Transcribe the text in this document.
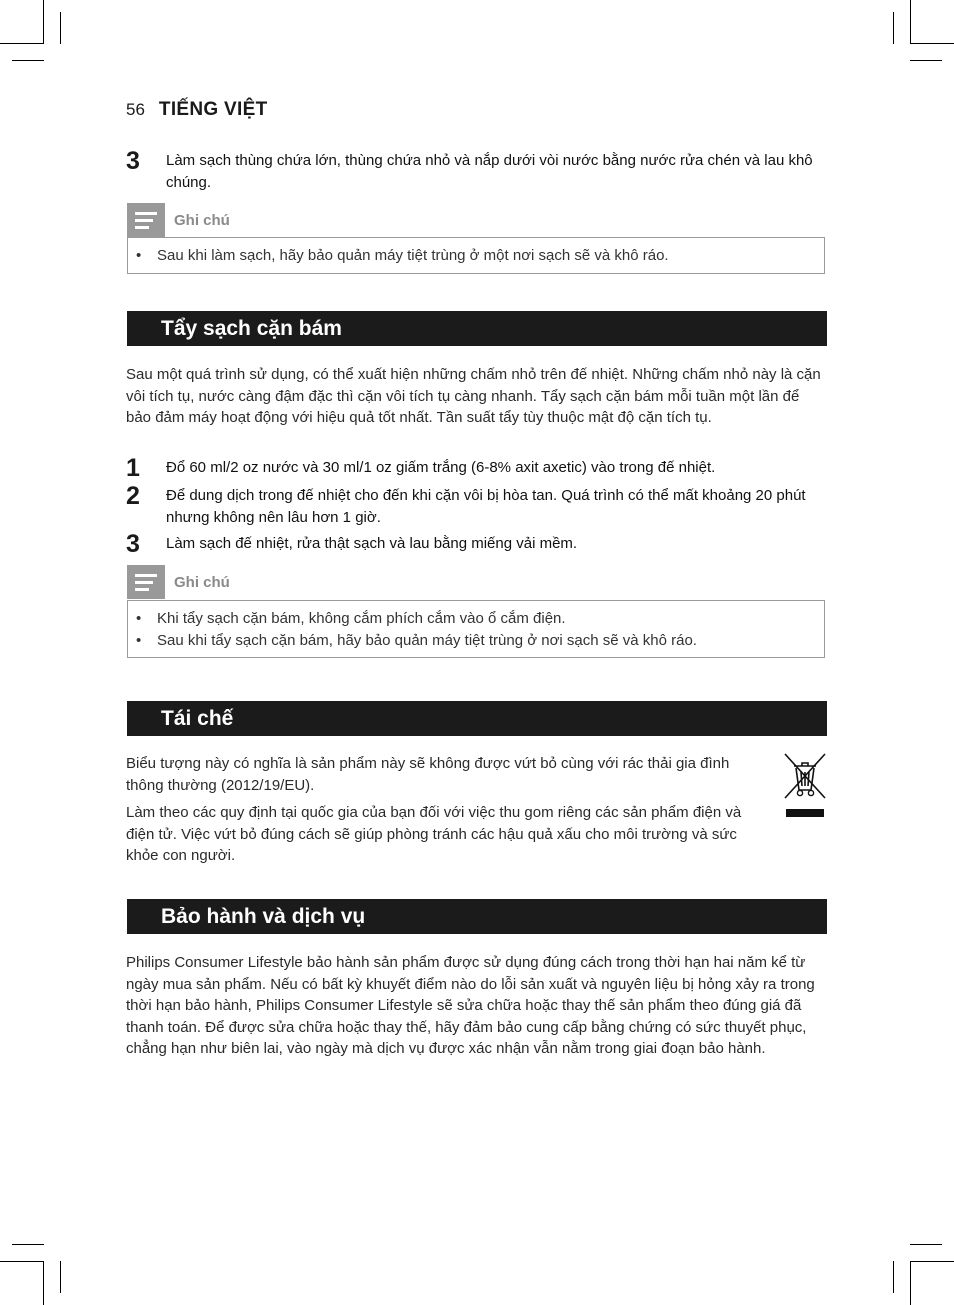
56 TIẾNG VIỆT
3	Làm sạch thùng chứa lớn, thùng chứa nhỏ và nắp dưới vòi nước bằng nước rửa chén và lau khô chúng.
Ghi chú
• Sau khi làm sạch, hãy bảo quản máy tiệt trùng ở một nơi sạch sẽ và khô ráo.
Tẩy sạch cặn bám
Sau một quá trình sử dụng, có thể xuất hiện những chấm nhỏ trên đế nhiệt. Những chấm nhỏ này là cặn vôi tích tụ, nước càng đậm đặc thì cặn vôi tích tụ càng nhanh. Tẩy sạch cặn bám mỗi tuần một lần để bảo đảm máy hoạt động với hiệu quả tốt nhất. Tần suất tẩy tùy thuộc mật độ cặn tích tụ.
1	Đổ 60 ml/2 oz nước và 30 ml/1 oz giấm trắng (6-8% axit axetic) vào trong đế nhiệt.
2	Để dung dịch trong đế nhiệt cho đến khi cặn vôi bị hòa tan. Quá trình có thể mất khoảng 20 phút nhưng không nên lâu hơn 1 giờ.
3	Làm sạch đế nhiệt, rửa thật sạch và lau bằng miếng vải mềm.
Ghi chú
• Khi tẩy sạch cặn bám, không cắm phích cắm vào ổ cắm điện.
• Sau khi tẩy sạch cặn bám, hãy bảo quản máy tiệt trùng ở nơi sạch sẽ và khô ráo.
Tái chế
Biểu tượng này có nghĩa là sản phẩm này sẽ không được vứt bỏ cùng với rác thải gia đình thông thường (2012/19/EU).
Làm theo các quy định tại quốc gia của bạn đối với việc thu gom riêng các sản phẩm điện và điện tử. Việc vứt bỏ đúng cách sẽ giúp phòng tránh các hậu quả xấu cho môi trường và sức khỏe con người.
Bảo hành và dịch vụ
Philips Consumer Lifestyle bảo hành sản phẩm được sử dụng đúng cách trong thời hạn hai năm kể từ ngày mua sản phẩm. Nếu có bất kỳ khuyết điểm nào do lỗi sản xuất và nguyên liệu bị hỏng xảy ra trong thời hạn bảo hành, Philips Consumer Lifestyle sẽ sửa chữa hoặc thay thế sản phẩm theo đúng giá đã thanh toán. Để được sửa chữa hoặc thay thế, hãy đảm bảo cung cấp bằng chứng có sức thuyết phục, chẳng hạn như biên lai, vào ngày mà dịch vụ được xác nhận vẫn nằm trong giai đoạn bảo hành.
